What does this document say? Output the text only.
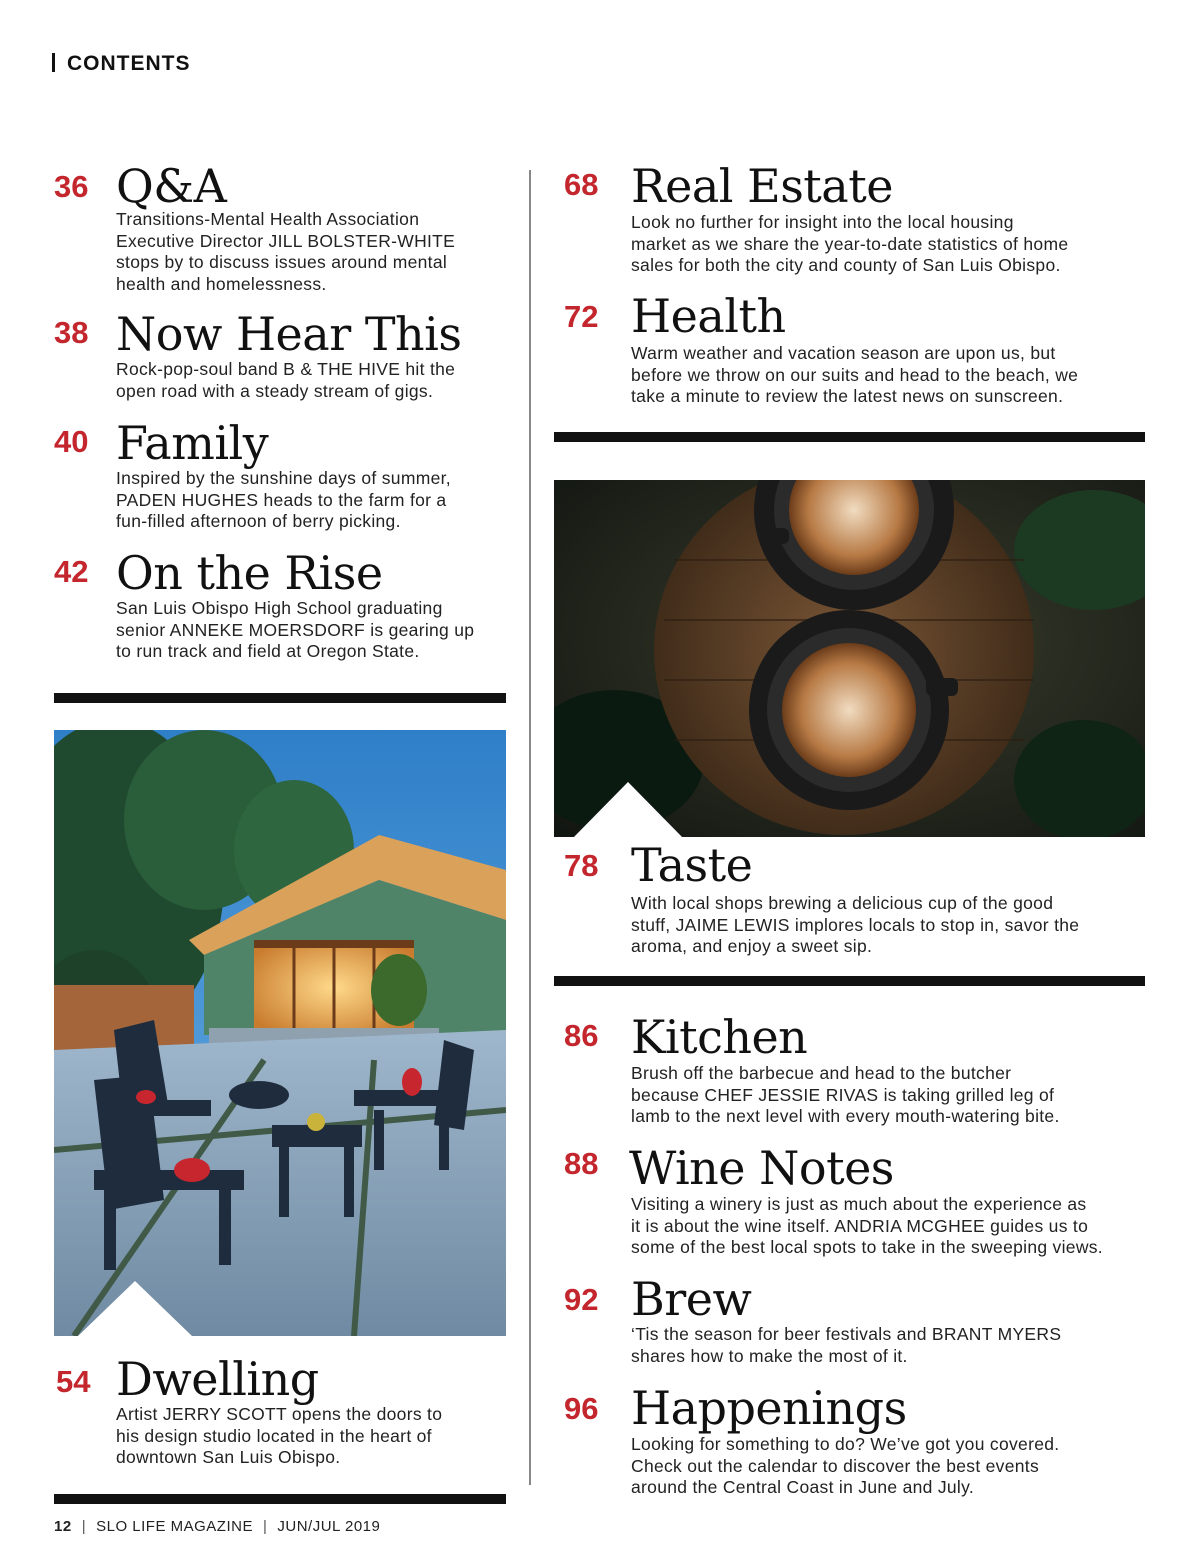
CONTENTS
36 Q&A
Transitions-Mental Health Association
Executive Director JILL BOLSTER-WHITE
stops by to discuss issues around mental
health and homelessness.
38 Now Hear This
Rock-pop-soul band B & THE HIVE hit the
open road with a steady stream of gigs.
40 Family
Inspired by the sunshine days of summer,
PADEN HUGHES heads to the farm for a
fun-filled afternoon of berry picking.
42 On the Rise
San Luis Obispo High School graduating
senior ANNEKE MOERSDORF is gearing up
to run track and field at Oregon State.
54 Dwelling
Artist JERRY SCOTT opens the doors to
his design studio located in the heart of
downtown San Luis Obispo.
68 Real Estate
Look no further for insight into the local housing
market as we share the year-to-date statistics of home
sales for both the city and county of San Luis Obispo.
72 Health
Warm weather and vacation season are upon us, but
before we throw on our suits and head to the beach, we
take a minute to review the latest news on sunscreen.
78 Taste
With local shops brewing a delicious cup of the good
stuff, JAIME LEWIS implores locals to stop in, savor the
aroma, and enjoy a sweet sip.
86 Kitchen
Brush off the barbecue and head to the butcher
because CHEF JESSIE RIVAS is taking grilled leg of
lamb to the next level with every mouth-watering bite.
88 Wine Notes
Visiting a winery is just as much about the experience as
it is about the wine itself. ANDRIA MCGHEE guides us to
some of the best local spots to take in the sweeping views.
92 Brew
‘Tis the season for beer festivals and BRANT MYERS
shares how to make the most of it.
96 Happenings
Looking for something to do? We’ve got you covered.
Check out the calendar to discover the best events
around the Central Coast in June and July.
12 | SLO LIFE MAGAZINE | JUN/JUL 2019
